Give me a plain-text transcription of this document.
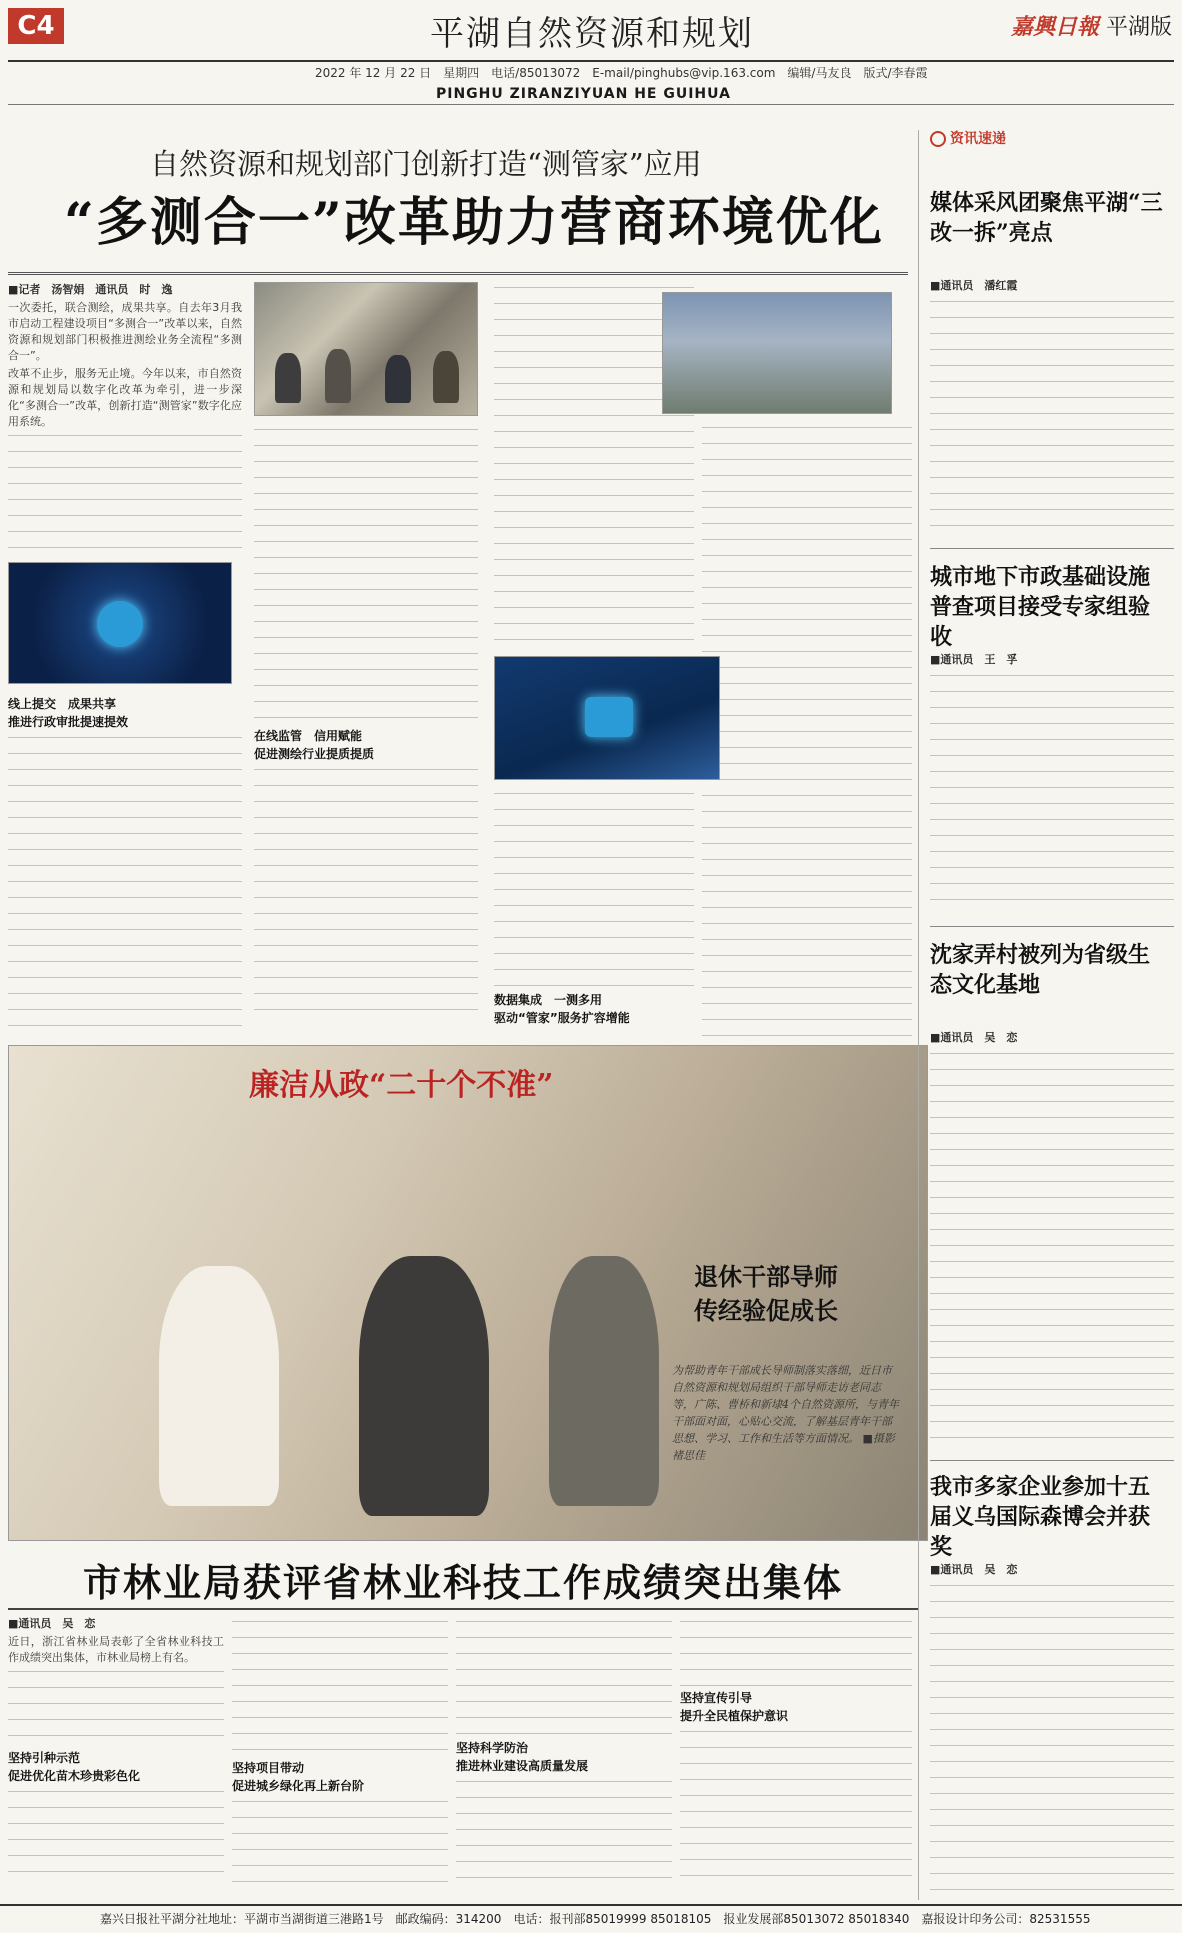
C4	平湖自然资源和规划	嘉興日報 平湖版
2022 年 12 月 22 日　星期四　电话/85013072　E-mail/pinghubs@vip.163.com　编辑/马友良　版式/李春霞
PINGHU ZIRANZIYUAN HE GUIHUA
自然资源和规划部门创新打造“测管家”应用
“多测合一”改革助力营商环境优化
■记者　汤智娟　通讯员　时　逸

一次委托，联合测绘，成果共享。自去年3月我市启动工程建设项目“多测合一”改革以来，自然资源和规划部门积极推进测绘业务全流程“多测合一”。

改革不止步，服务无止境。今年以来，市自然资源和规划局以数字化改革为牵引，进一步深化“多测合一”改革，创新打造“测管家”数字化应用系统。

线上提交　成果共享
推进行政审批提速提效
在线监管　信用赋能
促进测绘行业提质提质
数据集成　一测多用
驱动“管家”服务扩容增能
廉洁从政“二十个不准”
退休干部导师
传经验促成长
为帮助青年干部成长导师制落实落细，近日市自然资源和规划局组织干部导师走访老同志等，广陈、曹桥和新埭4个自然资源所，与青年干部面对面，心贴心交流，了解基层青年干部思想、学习、工作和生活等方面情况。 ■摄影　褚思佳
市林业局获评省林业科技工作成绩突出集体
■通讯员　吴　恋

近日，浙江省林业局表彰了全省林业科技工作成绩突出集体，市林业局榜上有名。

坚持引种示范
促进优化苗木珍贵彩色化
坚持项目带动
促进城乡绿化再上新台阶
坚持科学防治
推进林业建设高质量发展
坚持宣传引导
提升全民植保护意识
资讯速递
媒体采风团聚焦平湖“三改一拆”亮点
■通讯员　潘红霞
城市地下市政基础设施普查项目接受专家组验收
■通讯员　王　孚
沈家弄村被列为省级生态文化基地
■通讯员　吴　恋
我市多家企业参加十五届义乌国际森博会并获奖
■通讯员　吴　恋
嘉兴日报社平湖分社地址：平湖市当湖街道三港路1号　邮政编码：314200　电话：报刊部85019999 85018105　报业发展部85013072 85018340　嘉报设计印务公司：82531555
